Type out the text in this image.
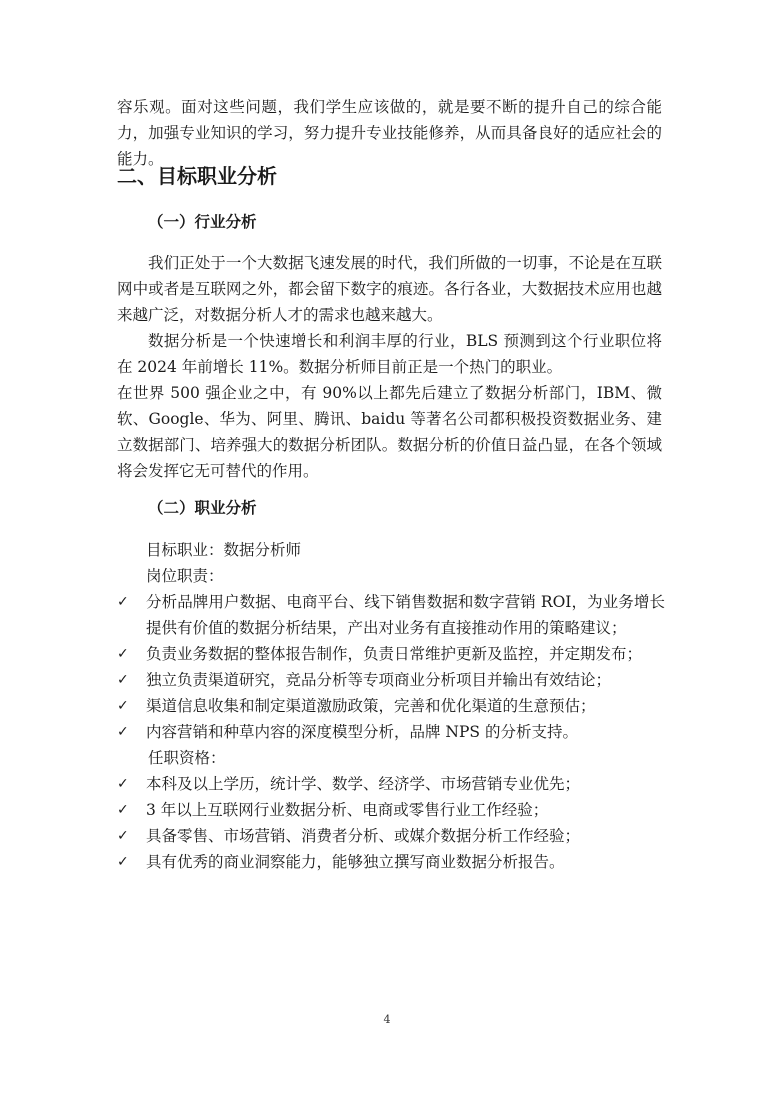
容乐观。面对这些问题，我们学生应该做的，就是要不断的提升自己的综合能力，加强专业知识的学习，努力提升专业技能修养，从而具备良好的适应社会的能力。

二、目标职业分析
（一）行业分析

我们正处于一个大数据飞速发展的时代，我们所做的一切事，不论是在互联网中或者是互联网之外，都会留下数字的痕迹。各行各业，大数据技术应用也越来越广泛，对数据分析人才的需求也越来越大。

数据分析是一个快速增长和利润丰厚的行业，BLS 预测到这个行业职位将在 2024 年前增长 11%。数据分析师目前正是一个热门的职业。

在世界 500 强企业之中，有 90%以上都先后建立了数据分析部门，IBM、微软、Google、华为、阿里、腾讯、baidu 等著名公司都积极投资数据业务、建立数据部门、培养强大的数据分析团队。数据分析的价值日益凸显，在各个领域将会发挥它无可替代的作用。

（二）职业分析

目标职业：数据分析师

岗位职责：

✓ 分析品牌用户数据、电商平台、线下销售数据和数字营销 ROI，为业务增长提供有价值的数据分析结果，产出对业务有直接推动作用的策略建议；
✓ 负责业务数据的整体报告制作，负责日常维护更新及监控，并定期发布；
✓ 独立负责渠道研究，竞品分析等专项商业分析项目并输出有效结论；
✓ 渠道信息收集和制定渠道激励政策，完善和优化渠道的生意预估；
✓ 内容营销和种草内容的深度模型分析，品牌 NPS 的分析支持。

任职资格：

✓ 本科及以上学历，统计学、数学、经济学、市场营销专业优先；
✓ 3 年以上互联网行业数据分析、电商或零售行业工作经验；
✓ 具备零售、市场营销、消费者分析、或媒介数据分析工作经验；
✓ 具有优秀的商业洞察能力，能够独立撰写商业数据分析报告。

4
